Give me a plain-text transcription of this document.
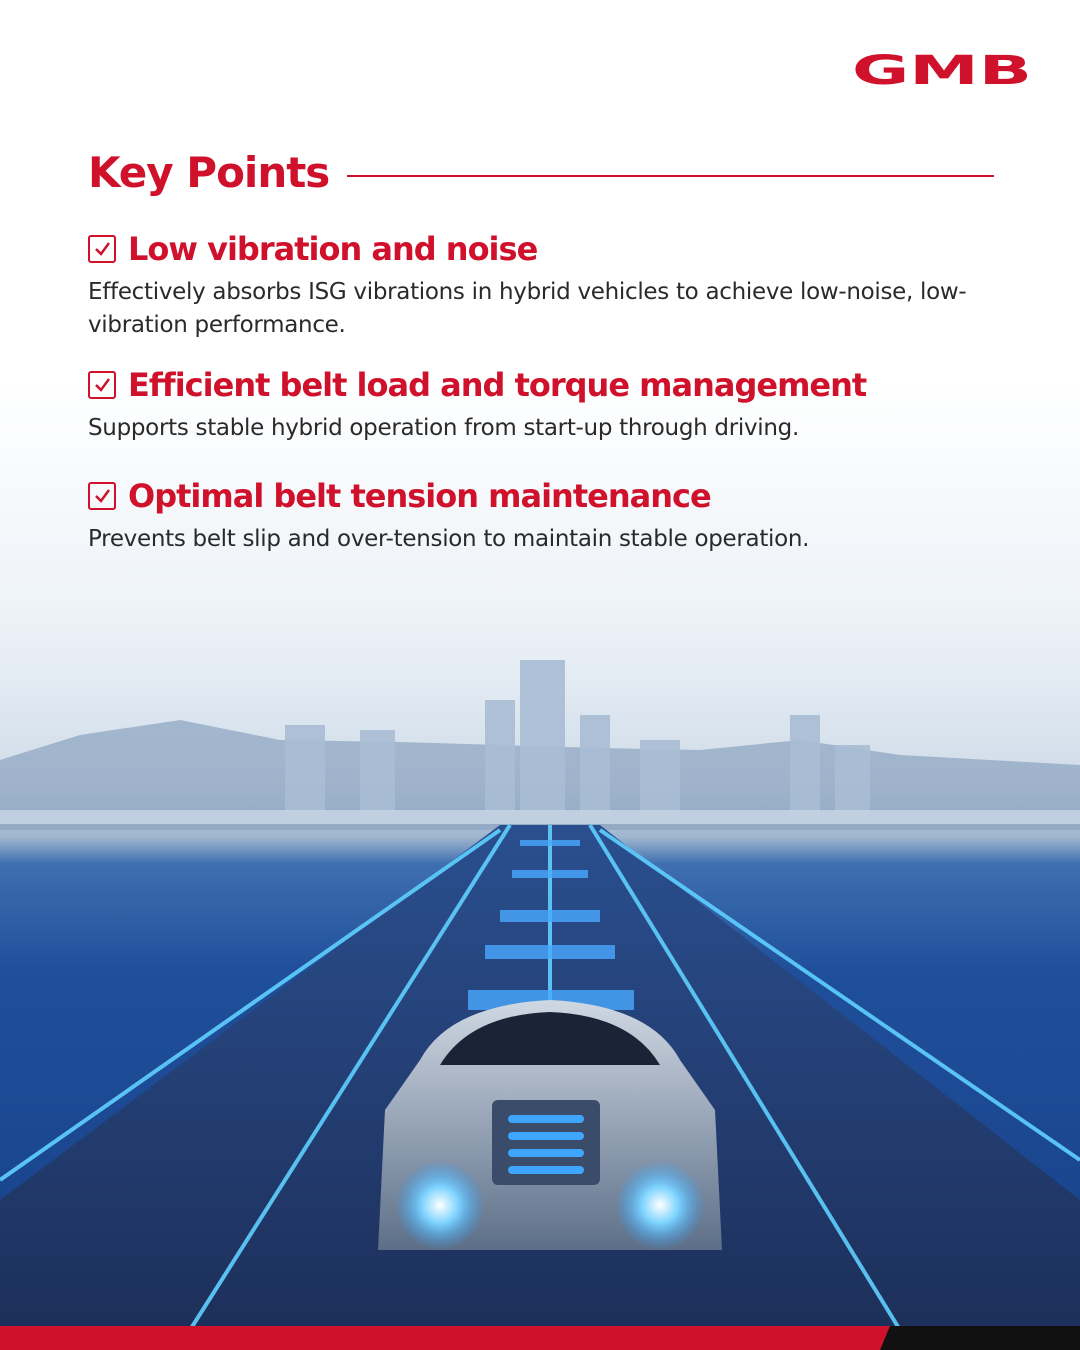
GMB
Key Points
Low vibration and noise
Effectively absorbs ISG vibrations in hybrid vehicles to achieve low-noise, low-vibration performance.
Efficient belt load and torque management
Supports stable hybrid operation from start-up through driving.
Optimal belt tension maintenance
Prevents belt slip and over-tension to maintain stable operation.
